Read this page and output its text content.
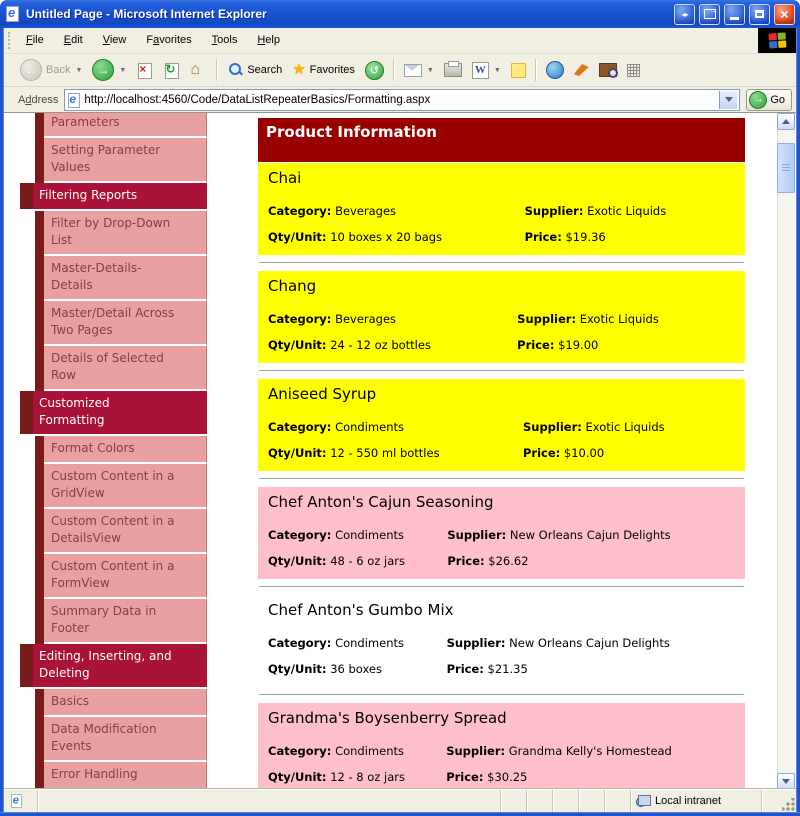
e Untitled Page - Microsoft Internet Explorer	◂▸ →	×
File	Edit	View	Favorites	Tools	Help
← Back ▼	→	▼ × ↻ ⌂	Search ★ Favorites	↺	▼	W	▼
Address e http://localhost:4560/Code/DataListRepeaterBasics/Formatting.aspx	→ Go
Parameters
Setting Parameter
Values
Filtering Reports
Filter by Drop-Down
List
Master-Details-
Details
Master/Detail Across
Two Pages
Details of Selected
Row
Customized
Formatting
Format Colors
Custom Content in a
GridView
Custom Content in a
DetailsView
Custom Content in a
FormView
Summary Data in
Footer
Editing, Inserting, and
Deleting
Basics
Data Modification
Events
Error Handling
Product Information
Chai
Category: Beverages	Supplier: Exotic Liquids
Qty/Unit: 10 boxes x 20 bags	Price: $19.36
Chang
Category: Beverages	Supplier: Exotic Liquids
Qty/Unit: 24 - 12 oz bottles	Price: $19.00
Aniseed Syrup
Category: Condiments	Supplier: Exotic Liquids
Qty/Unit: 12 - 550 ml bottles	Price: $10.00
Chef Anton's Cajun Seasoning
Category: Condiments	Supplier: New Orleans Cajun Delights
Qty/Unit: 48 - 6 oz jars	Price: $26.62
Chef Anton's Gumbo Mix
Category: Condiments	Supplier: New Orleans Cajun Delights
Qty/Unit: 36 boxes	Price: $21.35
Grandma's Boysenberry Spread
Category: Condiments	Supplier: Grandma Kelly's Homestead
Qty/Unit: 12 - 8 oz jars	Price: $30.25
e	Local intranet
